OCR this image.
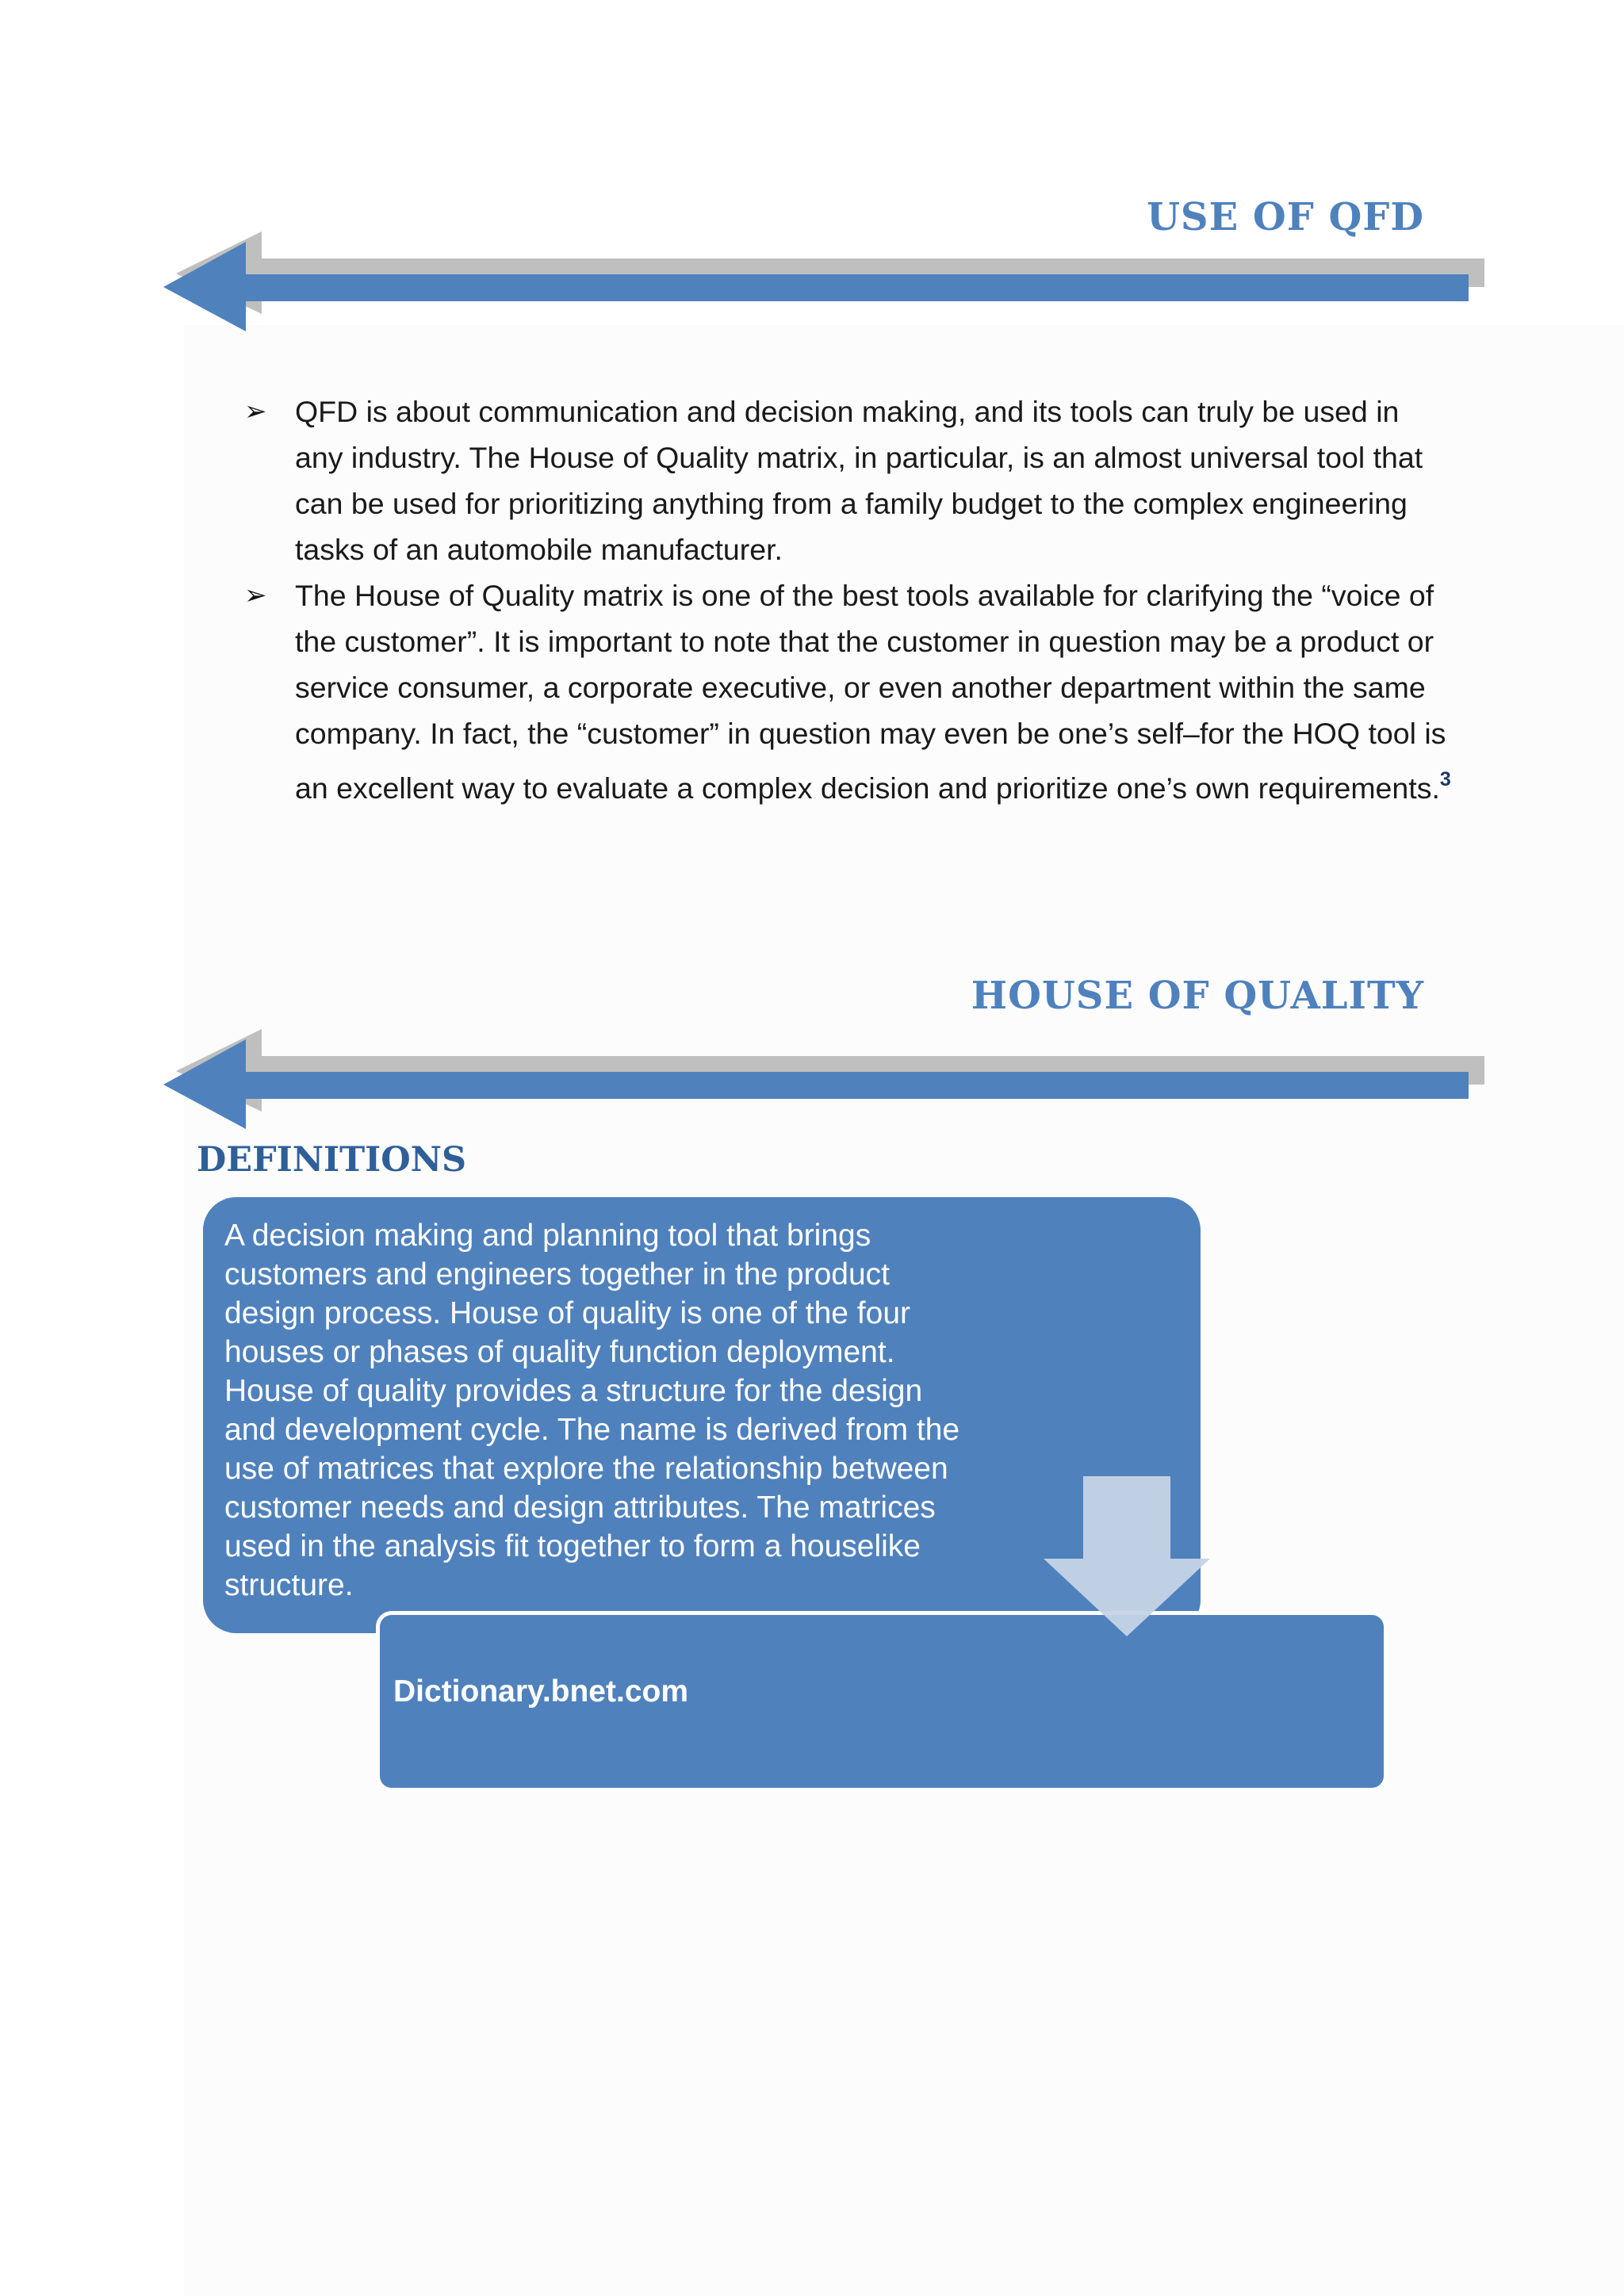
USE OF QFD
➢ QFD is about communication and decision making, and its tools can truly be used in any industry. The House of Quality matrix, in particular, is an almost universal tool that can be used for prioritizing anything from a family budget to the complex engineering tasks of an automobile manufacturer.
➢ The House of Quality matrix is one of the best tools available for clarifying the “voice of the customer”. It is important to note that the customer in question may be a product or service consumer, a corporate executive, or even another department within the same company. In fact, the “customer” in question may even be one’s self–for the HOQ tool is an excellent way to evaluate a complex decision and prioritize one’s own requirements.$^3$
HOUSE OF QUALITY
DEFINITIONS

A decision making and planning tool that brings customers and engineers together in the product design process. House of quality is one of the four houses or phases of quality function deployment. House of quality provides a structure for the design and development cycle. The name is derived from the use of matrices that explore the relationship between customer needs and design attributes. The matrices used in the analysis fit together to form a houselike structure.

Dictionary.bnet.com
